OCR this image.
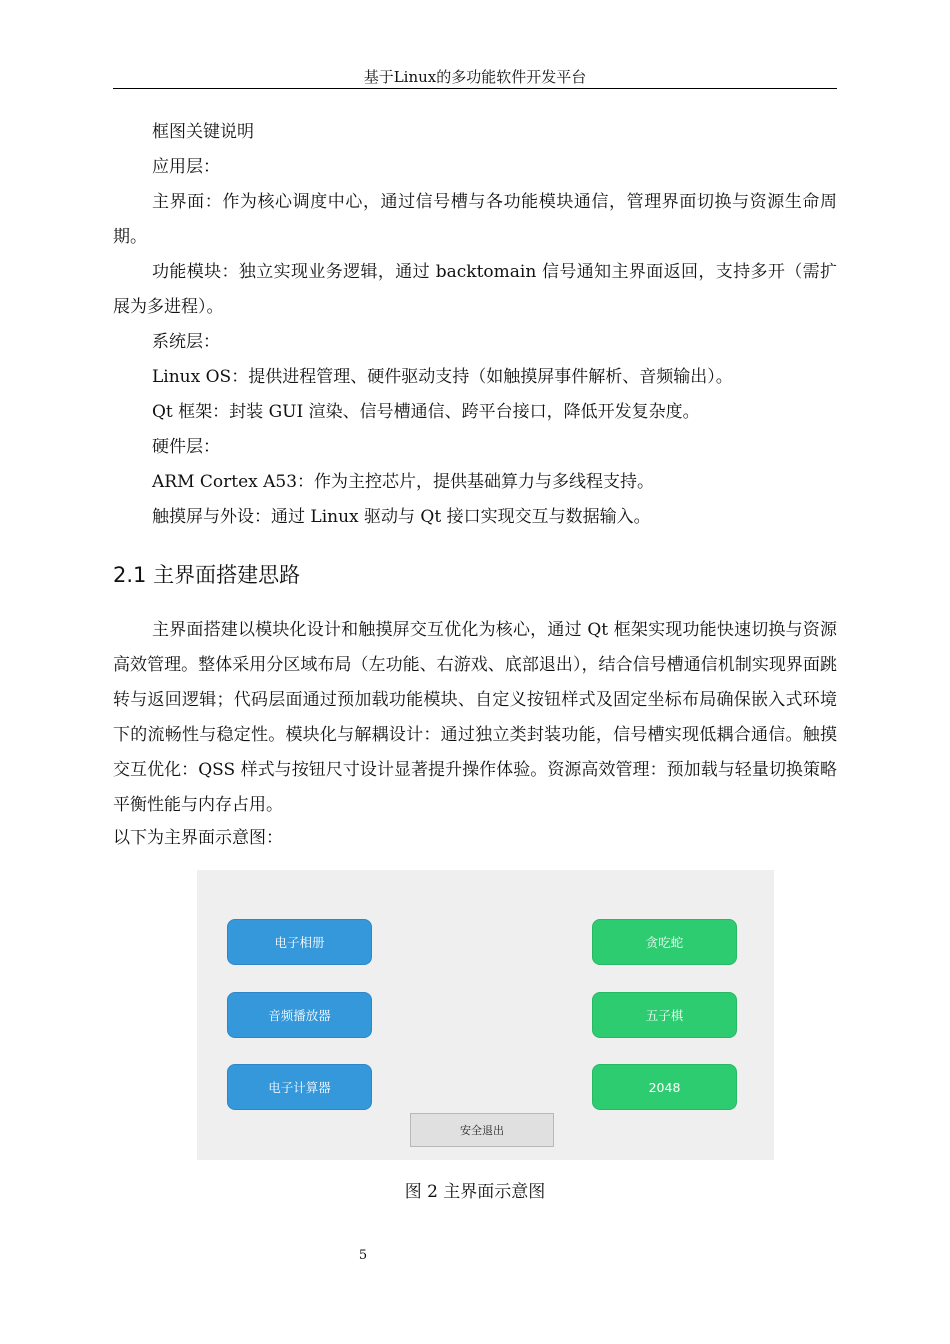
基于Linux的多功能软件开发平台

框图关键说明

应用层：

主界面：作为核心调度中心，通过信号槽与各功能模块通信，管理界面切换与资源生命周期。

功能模块：独立实现业务逻辑，通过 backtomain 信号通知主界面返回，支持多开（需扩展为多进程）。

系统层：

Linux OS：提供进程管理、硬件驱动支持（如触摸屏事件解析、音频输出）。

Qt 框架：封装 GUI 渲染、信号槽通信、跨平台接口，降低开发复杂度。

硬件层：

ARM Cortex A53：作为主控芯片，提供基础算力与多线程支持。

触摸屏与外设：通过 Linux 驱动与 Qt 接口实现交互与数据输入。

2.1 主界面搭建思路

主界面搭建以模块化设计和触摸屏交互优化为核心，通过 Qt 框架实现功能快速切换与资源高效管理。整体采用分区域布局（左功能、右游戏、底部退出），结合信号槽通信机制实现界面跳转与返回逻辑；代码层面通过预加载功能模块、自定义按钮样式及固定坐标布局确保嵌入式环境下的流畅性与稳定性。模块化与解耦设计：通过独立类封装功能，信号槽实现低耦合通信。触摸交互优化：QSS 样式与按钮尺寸设计显著提升操作体验。资源高效管理：预加载与轻量切换策略平衡性能与内存占用。

以下为主界面示意图：

电子相册
音频播放器
电子计算器
贪吃蛇
五子棋
2048
安全退出
图 2 主界面示意图
5
